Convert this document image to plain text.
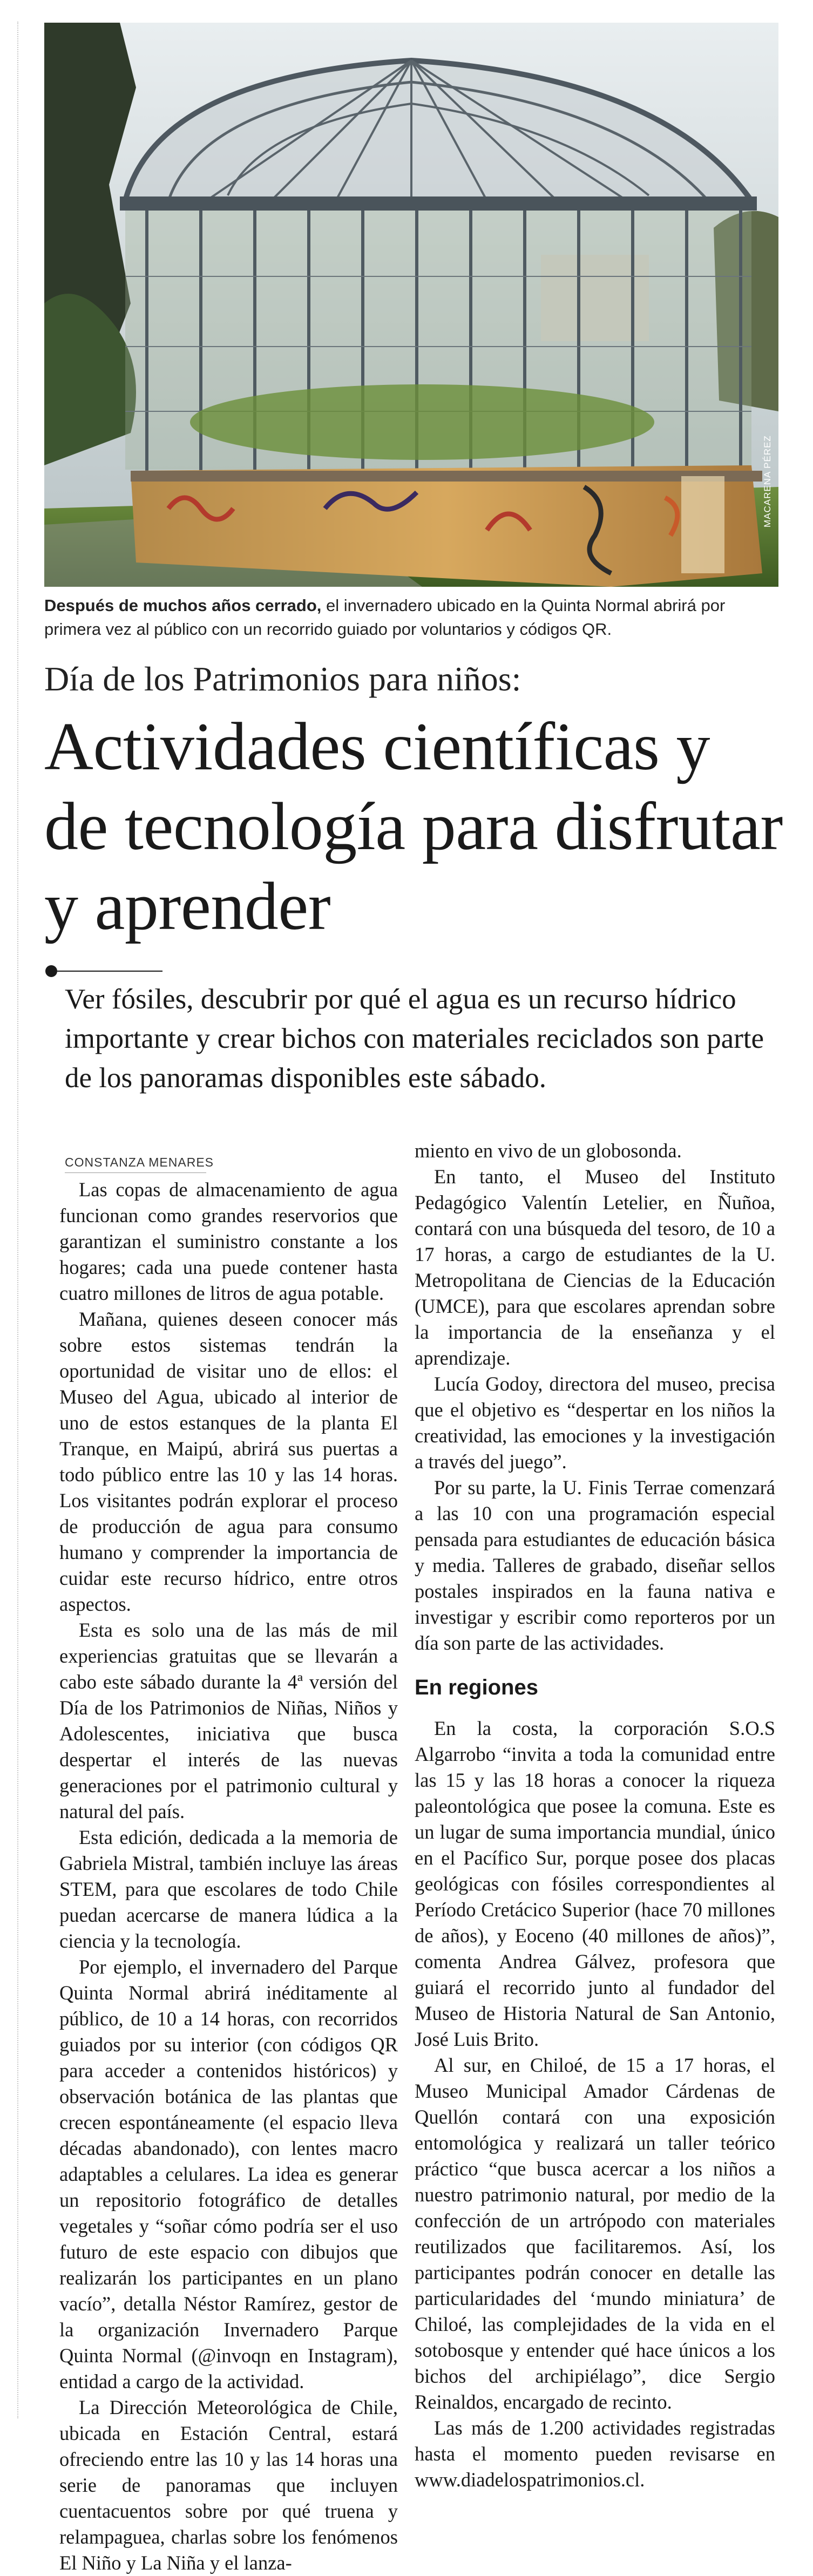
MACARENA PÉREZ
Después de muchos años cerrado, el invernadero ubicado en la Quinta Normal abrirá por primera vez al público con un recorrido guiado por voluntarios y códigos QR.
Día de los Patrimonios para niños:
Actividades científicas y de tecnología para disfrutar y aprender
Ver fósiles, descubrir por qué el agua es un recurso hídrico importante y crear bichos con materiales reciclados son parte de los panoramas disponibles este sábado.
CONSTANZA MENARES

Las copas de almacenamiento de agua funcionan como grandes reservorios que garantizan el suministro constante a los hogares; cada una puede contener hasta cuatro millones de litros de agua potable.

Mañana, quienes deseen conocer más sobre estos sistemas tendrán la oportunidad de visitar uno de ellos: el Museo del Agua, ubicado al interior de uno de estos estanques de la planta El Tranque, en Maipú, abrirá sus puertas a todo público entre las 10 y las 14 horas. Los visitantes podrán explorar el proceso de producción de agua para consumo humano y comprender la importancia de cuidar este recurso hídrico, entre otros aspectos.

Esta es solo una de las más de mil experiencias gratuitas que se llevarán a cabo este sábado durante la 4ª versión del Día de los Patrimonios de Niñas, Niños y Adolescentes, iniciativa que busca despertar el interés de las nuevas generaciones por el patrimonio cultural y natural del país.

Esta edición, dedicada a la memoria de Gabriela Mistral, también incluye las áreas STEM, para que escolares de todo Chile puedan acercarse de manera lúdica a la ciencia y la tecnología.

Por ejemplo, el invernadero del Parque Quinta Normal abrirá inéditamente al público, de 10 a 14 horas, con recorridos guiados por su interior (con códigos QR para acceder a contenidos históricos) y observación botánica de las plantas que crecen espontáneamente (el espacio lleva décadas abandonado), con lentes macro adaptables a celulares. La idea es generar un repositorio fotográfico de detalles vegetales y “soñar cómo podría ser el uso futuro de este espacio con dibujos que realizarán los participantes en un plano vacío”, detalla Néstor Ramírez, gestor de la organización Invernadero Parque Quinta Normal (@invoqn en Instagram), entidad a cargo de la actividad.

La Dirección Meteorológica de Chile, ubicada en Estación Central, estará ofreciendo entre las 10 y las 14 horas una serie de panoramas que incluyen cuentacuentos sobre por qué truena y relampaguea, charlas sobre los fenómenos El Niño y La Niña y el lanza-

miento en vivo de un globosonda.

En tanto, el Museo del Instituto Pedagógico Valentín Letelier, en Ñuñoa, contará con una búsqueda del tesoro, de 10 a 17 horas, a cargo de estudiantes de la U. Metropolitana de Ciencias de la Educación (UMCE), para que escolares aprendan sobre la importancia de la enseñanza y el aprendizaje.

Lucía Godoy, directora del museo, precisa que el objetivo es “despertar en los niños la creatividad, las emociones y la investigación a través del juego”.

Por su parte, la U. Finis Terrae comenzará a las 10 con una programación especial pensada para estudiantes de educación básica y media. Talleres de grabado, diseñar sellos postales inspirados en la fauna nativa e investigar y escribir como reporteros por un día son parte de las actividades.

En regiones

En la costa, la corporación S.O.S Algarrobo “invita a toda la comunidad entre las 15 y las 18 horas a conocer la riqueza paleontológica que posee la comuna. Este es un lugar de suma importancia mundial, único en el Pacífico Sur, porque posee dos placas geológicas con fósiles correspondientes al Período Cretácico Superior (hace 70 millones de años), y Eoceno (40 millones de años)”, comenta Andrea Gálvez, profesora que guiará el recorrido junto al fundador del Museo de Historia Natural de San Antonio, José Luis Brito.

Al sur, en Chiloé, de 15 a 17 horas, el Museo Municipal Amador Cárdenas de Quellón contará con una exposición entomológica y realizará un taller teórico práctico “que busca acercar a los niños a nuestro patrimonio natural, por medio de la confección de un artrópodo con materiales reutilizados que facilitaremos. Así, los participantes podrán conocer en detalle las particularidades del ‘mundo miniatura’ de Chiloé, las complejidades de la vida en el sotobosque y entender qué hace únicos a los bichos del archipiélago”, dice Sergio Reinaldos, encargado de recinto.

Las más de 1.200 actividades registradas hasta el momento pueden revisarse en www.diadelospatrimonios.cl.
